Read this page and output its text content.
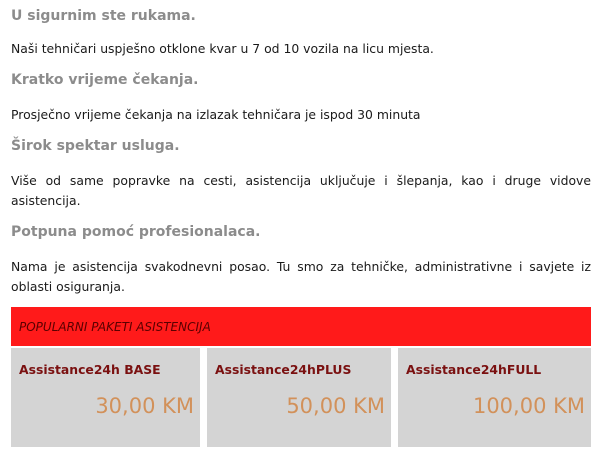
U sigurnim ste rukama.
Naši tehničari uspješno otklone kvar u 7 od 10 vozila na licu mjesta.
Kratko vrijeme čekanja.
Prosječno vrijeme čekanja na izlazak tehničara je ispod 30 minuta
Širok spektar usluga.
Više od same popravke na cesti, asistencija uključuje i šlepanja, kao i druge vidove asistencija.
Potpuna pomoć profesionalaca.
Nama je asistencija svakodnevni posao. Tu smo za tehničke, administrativne i savjete iz oblasti osiguranja.
POPULARNI PAKETI ASISTENCIJA
Assistance24h BASE
30,00 KM
Assistance24hPLUS
50,00 KM
Assistance24hFULL
100,00 KM
